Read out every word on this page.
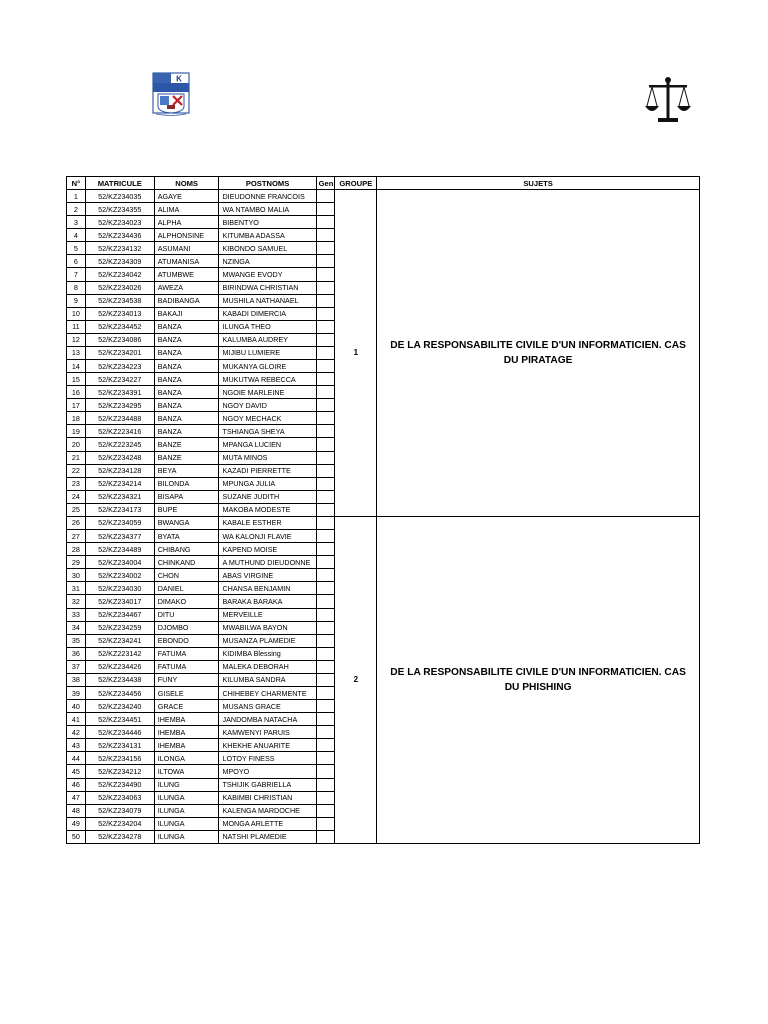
K
N°	MATRICULE	NOMS	POSTNOMS	Gen	GROUPE	SUJETS
1	52/KZ234035	AGAYE	DIEUDONNE FRANCOIS		1	DE LA RESPONSABILITE CIVILE D'UN INFORMATICIEN. CAS DU PIRATAGE
2	52/KZ234355	ALIMA	WA NTAMBO MALIA			
3	52/KZ234023	ALPHA	BIBENTYO			
4	52/KZ234436	ALPHONSINE	KITUMBA ADASSA			
5	52/KZ234132	ASUMANI	KIBONDO SAMUEL			
6	52/KZ234309	ATUMANISA	NZINGA			
7	52/KZ234042	ATUMBWE	MWANGE EVODY			
8	52/KZ234026	AWEZA	BIRINDWA CHRISTIAN			
9	52/KZ234538	BADIBANGA	MUSHILA NATHANAEL			
10	52/KZ234013	BAKAJI	KABADI DIMERCIA			
11	52/KZ234452	BANZA	ILUNGA THEO			
12	52/KZ234086	BANZA	KALUMBA AUDREY			
13	52/KZ234201	BANZA	MIJIBU LUMIERE			
14	52/KZ234223	BANZA	MUKANYA GLOIRE			
15	52/KZ234227	BANZA	MUKUTWA REBECCA			
16	52/KZ234391	BANZA	NGOIE MARLEINE			
17	52/KZ234295	BANZA	NGOY DAVID			
18	52/KZ234488	BANZA	NGOY MECHACK			
19	52/KZ223416	BANZA	TSHIANGA SHEYA			
20	52/KZ223245	BANZE	MPANGA LUCIEN			
21	52/KZ234248	BANZE	MUTA MINOS			
22	52/KZ234128	BEYA	KAZADI PIERRETTE			
23	52/KZ234214	BILONDA	MPUNGA JULIA			
24	52/KZ234321	BISAPA	SUZANE JUDITH			
25	52/KZ234173	BUPE	MAKOBA MODESTE			
26	52/KZ234059	BWANGA	KABALE ESTHER		2	DE LA RESPONSABILITE CIVILE D'UN INFORMATICIEN. CAS DU PHISHING
27	52/KZ234377	BYATA	WA KALONJI FLAVIE			
28	52/KZ234489	CHIBANG	KAPEND MOISE			
29	52/KZ234004	CHINKAND	A MUTHUND DIEUDONNE			
30	52/KZ234002	CHON	ABAS VIRGINE			
31	52/KZ234030	DANIEL	CHANSA BENJAMIN			
32	52/KZ234017	DIMAKO	BARAKA BARAKA			
33	52/KZ234467	DITU	MERVEILLE			
34	52/KZ234259	DJOMBO	MWABILWA BAYON			
35	52/KZ234241	EBONDO	MUSANZA PLAMEDIE			
36	52/KZ223142	FATUMA	KIDIMBA Blessing			
37	52/KZ234426	FATUMA	MALEKA DEBORAH			
38	52/KZ234438	FUNY	KILUMBA SANDRA			
39	52/KZ234456	GISELE	CHIHEBEY CHARMENTE			
40	52/KZ234240	GRACE	MUSANS GRACE			
41	52/KZ234451	IHEMBA	JANDOMBA NATACHA			
42	52/KZ234446	IHEMBA	KAMWENYI PARUIS			
43	52/KZ234131	IHEMBA	KHEKHE ANUARITE			
44	52/KZ234156	ILONGA	LOTOY FINESS			
45	52/KZ234212	ILTOWA	MPOYO			
46	52/KZ234490	ILUNG	TSHIJIK GABRIELLA			
47	52/KZ234063	ILUNGA	KABIMBI CHRISTIAN			
48	52/KZ234079	ILUNGA	KALENGA MARDOCHE			
49	52/KZ234204	ILUNGA	MONGA ARLETTE			
50	52/KZ234278	ILUNGA	NATSHI PLAMEDIE			
